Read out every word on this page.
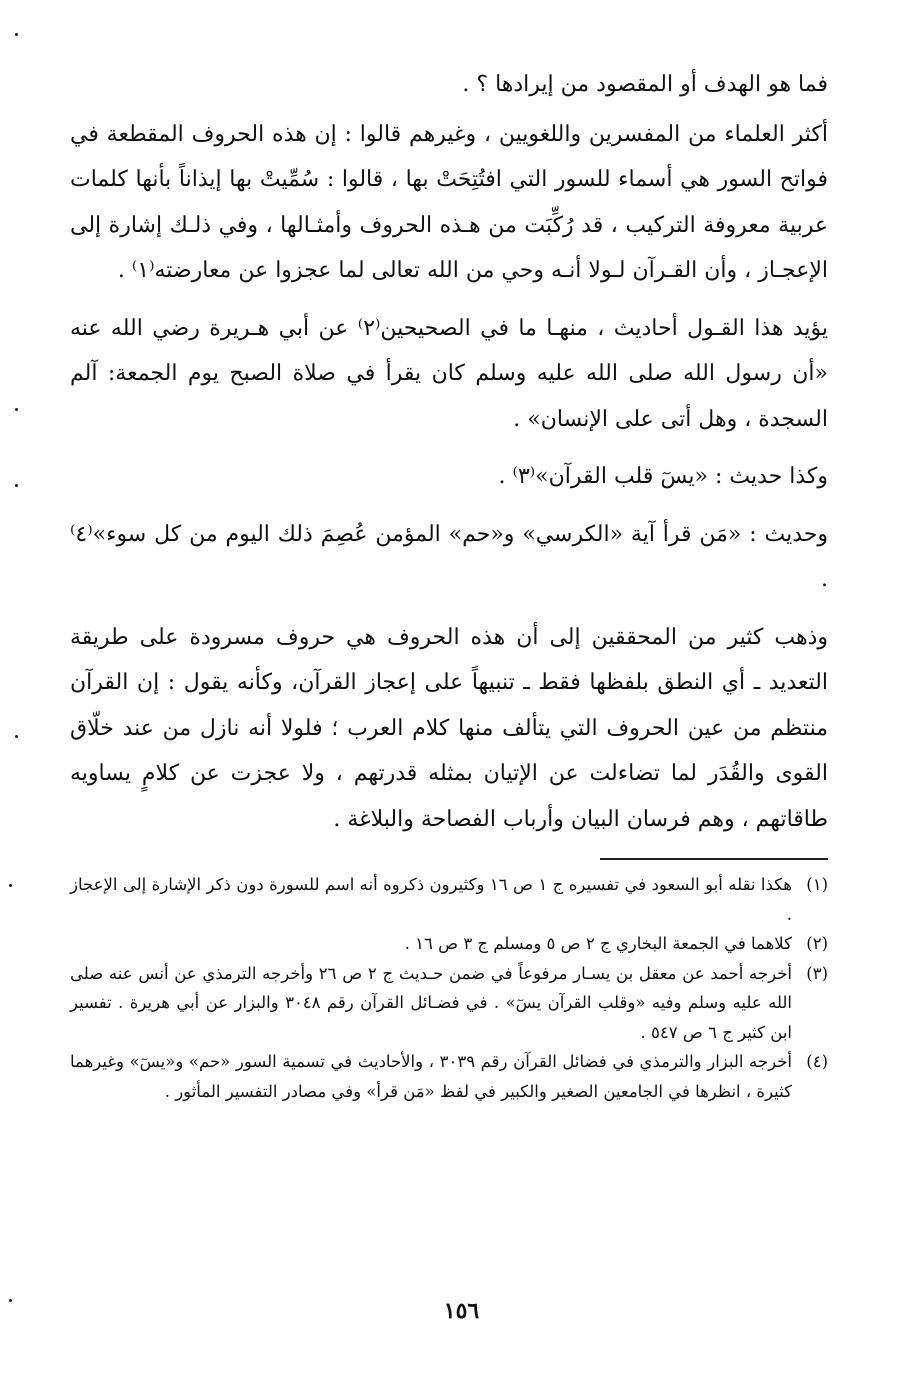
فما هو الهدف أو المقصود من إيرادها ؟ .

أكثر العلماء من المفسرين واللغويين ، وغيرهم قالوا : إن هذه الحروف المقطعة في فواتح السور هي أسماء للسور التي افتُتِحَتْ بها ، قالوا : سُمِّيتْ بها إيذاناً بأنها كلمات عربية معروفة التركيب ، قد رُكِّبَت من هـذه الحروف وأمثـالها ، وفي ذلـك إشارة إلى الإعجـاز ، وأن القـرآن لـولا أنـه وحي من الله تعالى لما عجزوا عن معارضته⁽١⁾ .

يؤيد هذا القـول أحاديث ، منهـا ما في الصحيحين⁽٢⁾ عن أبي هـريرة رضي الله عنه «أن رسول الله صلى الله عليه وسلم كان يقرأ في صلاة الصبح يوم الجمعة: آلم السجدة ، وهل أتى على الإنسان» .

وكذا حديث : «يسٓ قلب القرآن»⁽٣⁾ .

وحديث : «مَن قرأ آية «الكرسي» و«حم» المؤمن عُصِمَ ذلك اليوم من كل سوء»⁽٤⁾ .

وذهب كثير من المحققين إلى أن هذه الحروف هي حروف مسرودة على طريقة التعديد ـ أي النطق بلفظها فقط ـ تنبيهاً على إعجاز القرآن، وكأنه يقول : إن القرآن منتظم من عين الحروف التي يتألف منها كلام العرب ؛ فلولا أنه نازل من عند خلّاق القوى والقُدَر لما تضاءلت عن الإتيان بمثله قدرتهم ، ولا عجزت عن كلامٍ يساويه طاقاتهم ، وهم فرسان البيان وأرباب الفصاحة والبلاغة .

(١)
هكذا نقله أبو السعود في تفسيره ج ١ ص ١٦ وكثيرون ذكروه أنه اسم للسورة دون ذكر الإشارة إلى الإعجاز .
(٢)
كلاهما في الجمعة البخاري ج ٢ ص ٥ ومسلم ج ٣ ص ١٦ .
(٣)
أخرجه أحمد عن معقل بن يسـار مرفوعاً في ضمن حـديث ج ٢ ص ٢٦ وأخرجه الترمذي عن أنس عنه صلى الله عليه وسلم وفيه «وقلب القرآن يسٓ» . في فضـائل القرآن رقم ٣٠٤٨ والبزار عن أبي هريرة . تفسير ابن كثير ج ٦ ص ٥٤٧ .
(٤)
أخرجه البزار والترمذي في فضائل القرآن رقم ٣٠٣٩ ، والأحاديث في تسمية السور «حم» و«يسٓ» وغيرهما كثيرة ، انظرها في الجامعين الصغير والكبير في لفظ «مَن قرأ» وفي مصادر التفسير المأثور .
١٥٦
